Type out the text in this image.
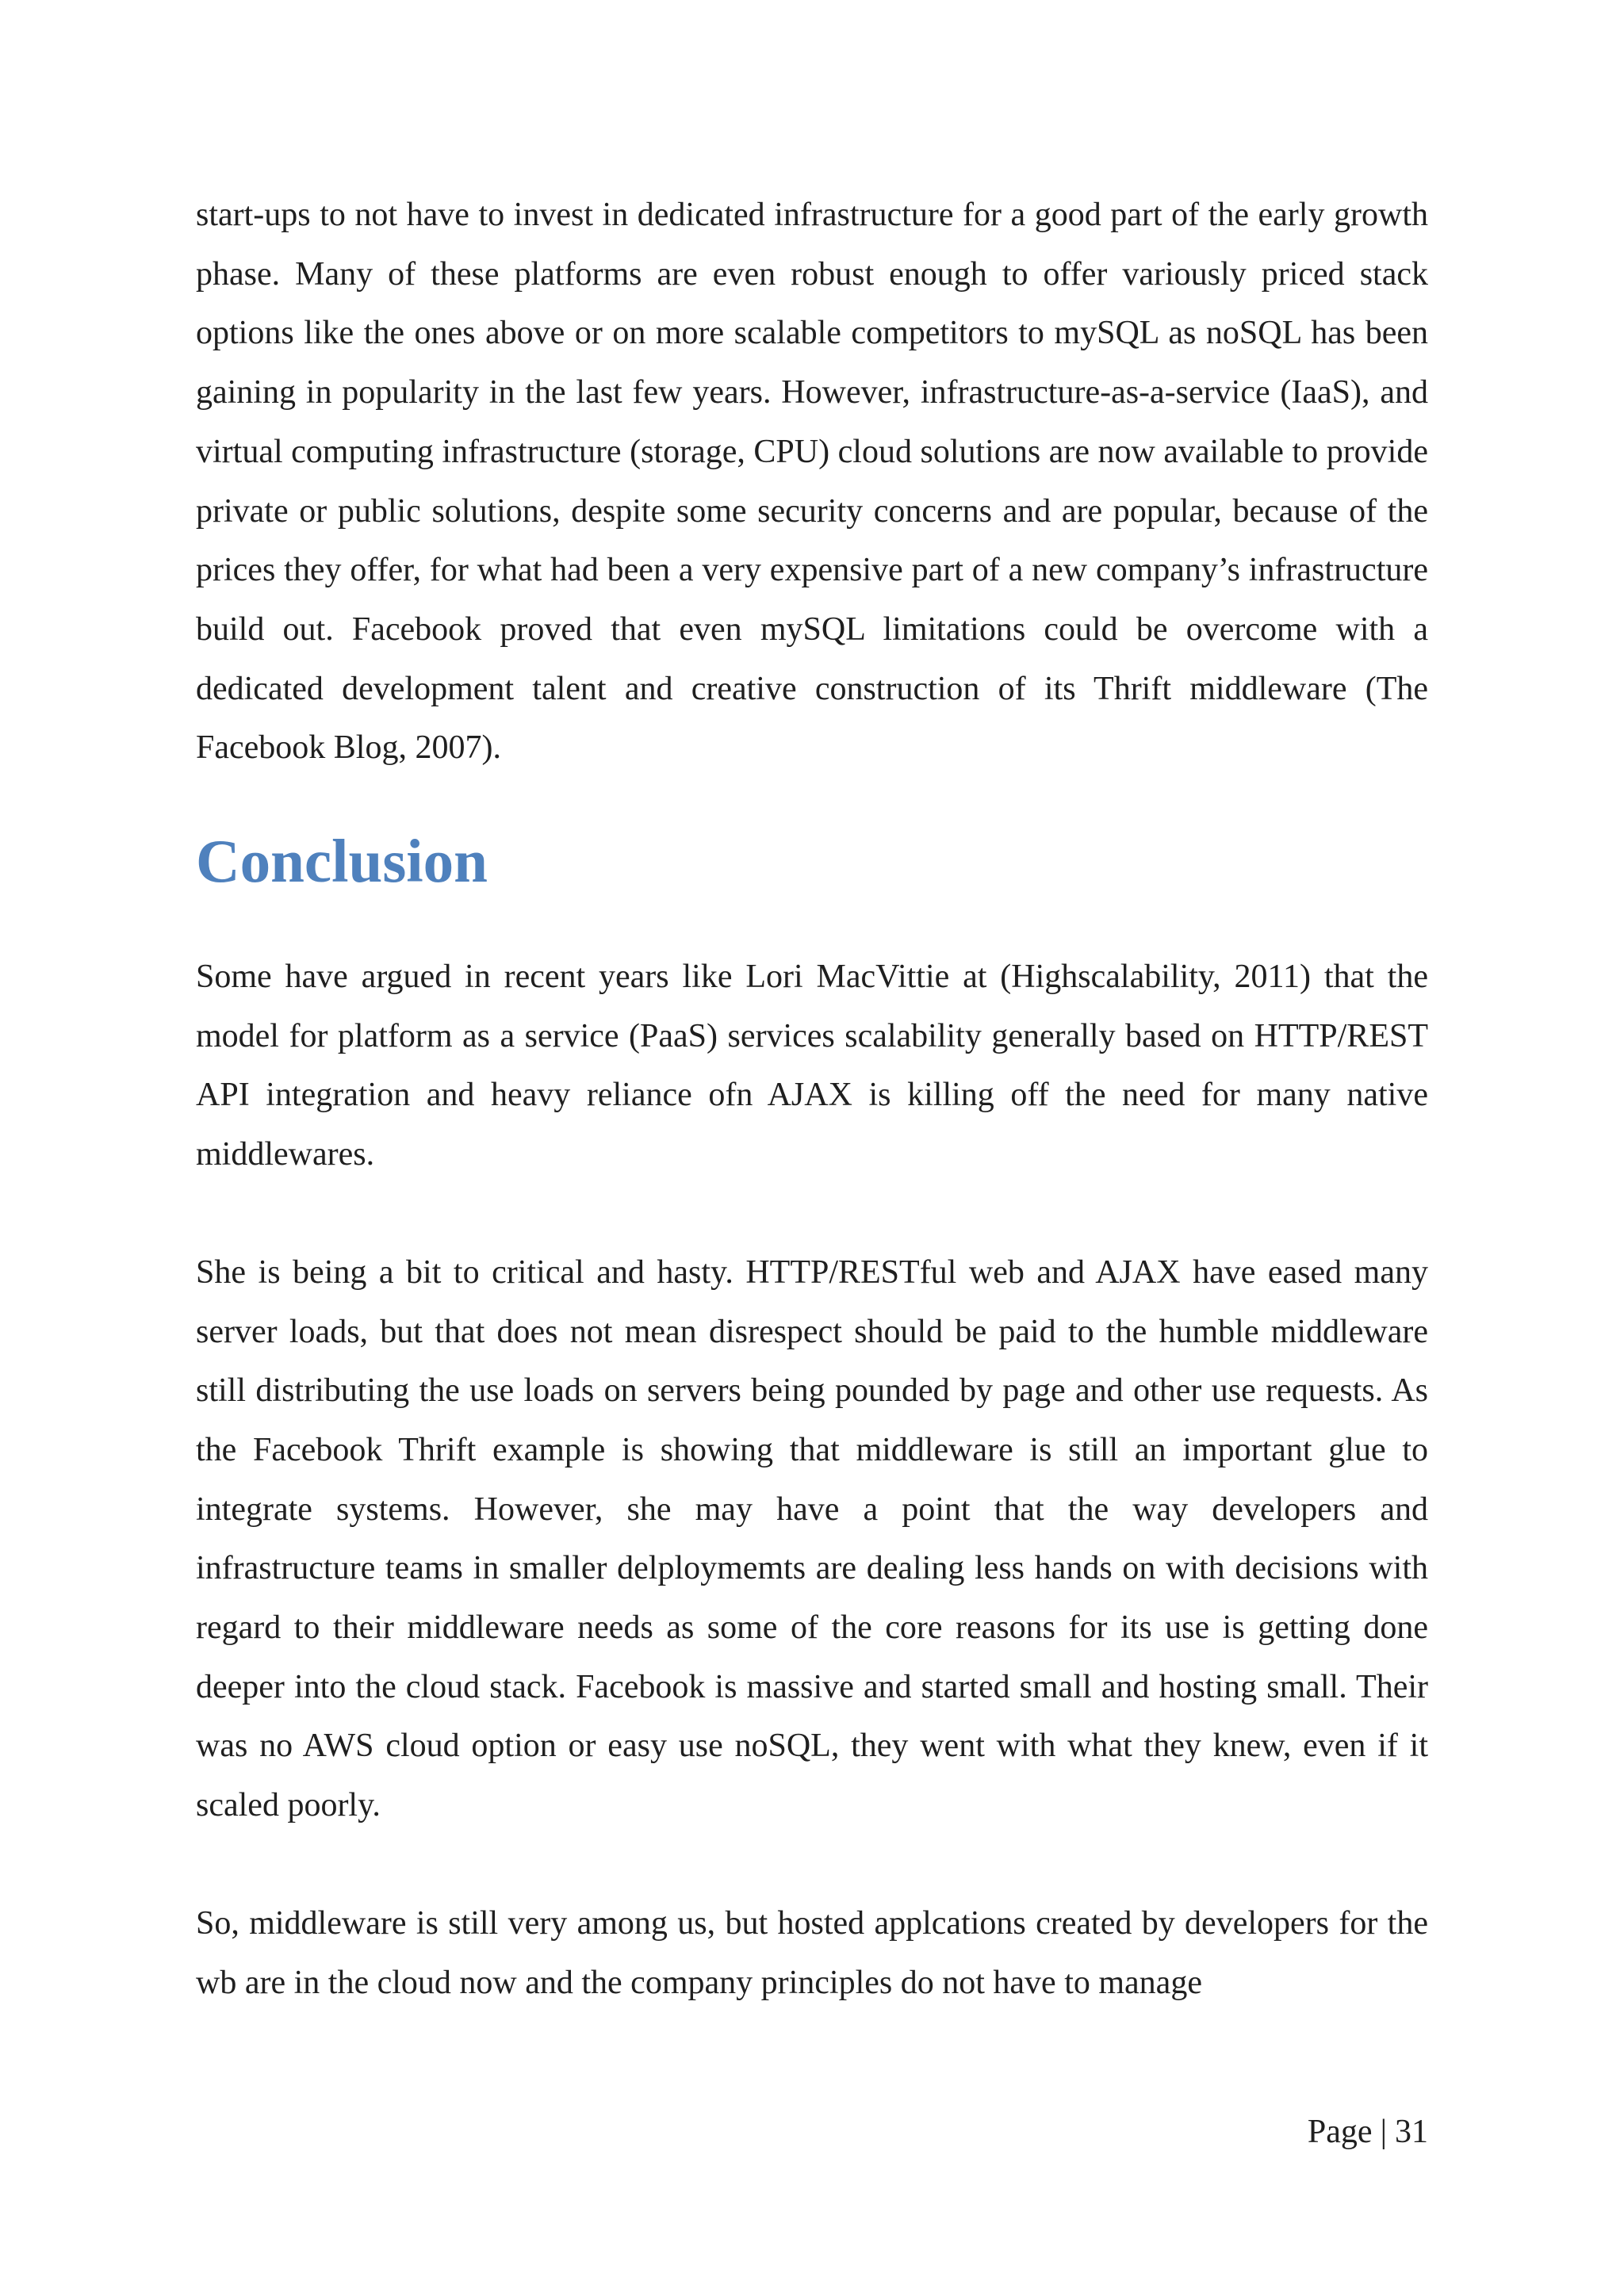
start-ups to not have to invest in dedicated infrastructure for a good part of the early growth phase. Many of these platforms are even robust enough to offer variously priced stack options like the ones above or on more scalable competitors to mySQL as noSQL has been gaining in popularity in the last few years. However, infrastructure-as-a-service (IaaS), and virtual computing infrastructure (storage, CPU) cloud solutions are now available to provide private or public solutions, despite some security concerns and are popular, because of the prices they offer, for what had been a very expensive part of a new company’s infrastructure build out. Facebook proved that even mySQL limitations could be overcome with a dedicated development talent and creative construction of its Thrift middleware (The Facebook Blog, 2007).

Conclusion

Some have argued in recent years like Lori MacVittie at (Highscalability, 2011) that the model for platform as a service (PaaS) services scalability generally based on HTTP/REST API integration and heavy reliance ofn AJAX is killing off the need for many native middlewares.

She is being a bit to critical and hasty. HTTP/RESTful web and AJAX have eased many server loads, but that does not mean disrespect should be paid to the humble middleware still distributing the use loads on servers being pounded by page and other use requests. As the Facebook Thrift example is showing that middleware is still an important glue to integrate systems. However, she may have a point that the way developers and infrastructure teams in smaller delploymemts are dealing less hands on with decisions with regard to their middleware needs as some of the core reasons for its use is getting done deeper into the cloud stack. Facebook is massive and started small and hosting small. Their was no AWS cloud option or easy use noSQL, they went with what they knew, even if it scaled poorly.

So, middleware is still very among us, but hosted applcations created by developers for the wb are in the cloud now and the company principles do not have to manage

Page | 31
